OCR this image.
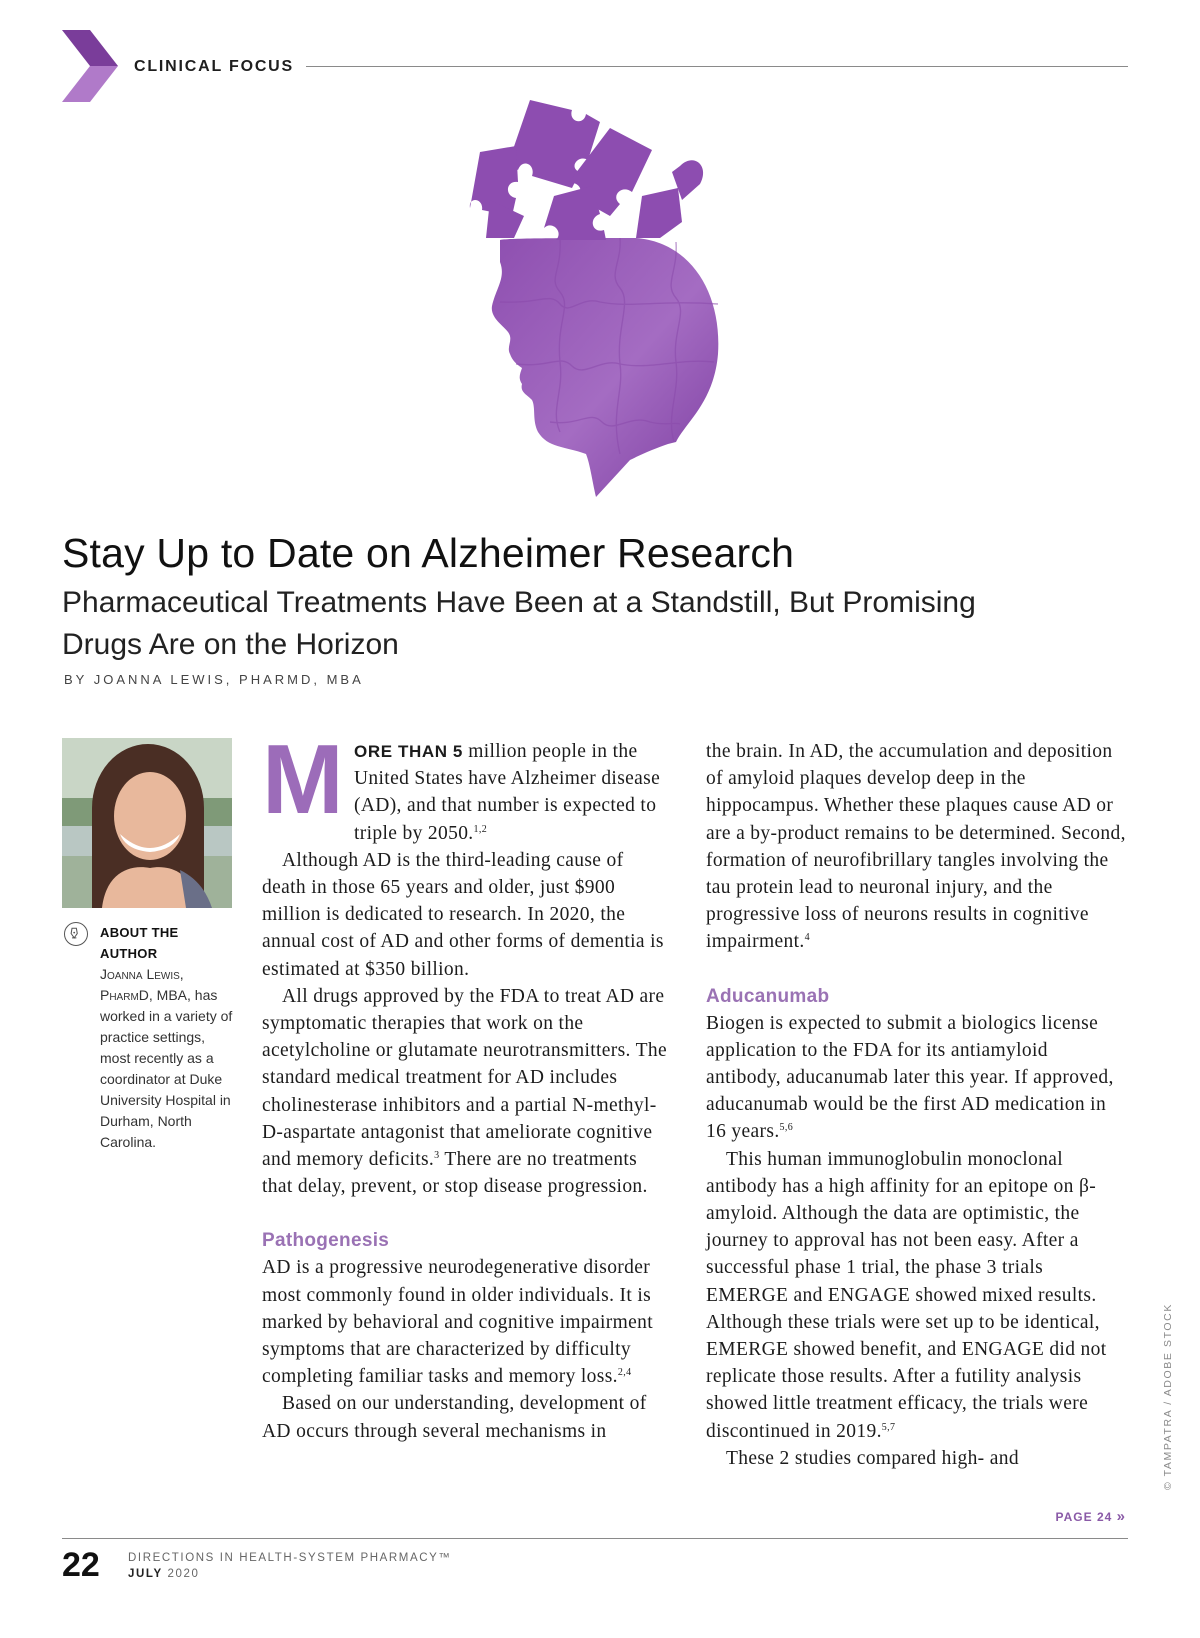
CLINICAL FOCUS
Stay Up to Date on Alzheimer Research
Pharmaceutical Treatments Have Been at a Standstill, But Promising Drugs Are on the Horizon
BY JOANNA LEWIS, PHARMD, MBA
ABOUT THE AUTHOR
Joanna Lewis, PharmD, MBA, has worked in a variety of practice settings, most recently as a coordinator at Duke University Hospital in Durham, North Carolina.

MORE THAN 5 million people in the United States have Alzheimer disease (AD), and that number is expected to triple by 2050.$^{1,2}$

Although AD is the third-leading cause of death in those 65 years and older, just $900 million is dedicated to research. In 2020, the annual cost of AD and other forms of dementia is estimated at $350 billion.

All drugs approved by the FDA to treat AD are symptomatic therapies that work on the acetylcholine or glutamate neurotransmitters. The standard medical treatment for AD includes cholinesterase inhibitors and a partial N-methyl-D-aspartate antagonist that ameliorate cognitive and memory deficits.$^3$ There are no treatments that delay, prevent, or stop disease progression.

Pathogenesis

AD is a progressive neurodegenerative disorder most commonly found in older individuals. It is marked by behavioral and cognitive impairment symptoms that are characterized by difficulty completing familiar tasks and memory loss.$^{2,4}$

Based on our understanding, development of AD occurs through several mechanisms in

the brain. In AD, the accumulation and deposition of amyloid plaques develop deep in the hippocampus. Whether these plaques cause AD or are a by-product remains to be determined. Second, formation of neurofibrillary tangles involving the tau protein lead to neuronal injury, and the progressive loss of neurons results in cognitive impairment.$^4$

Aducanumab

Biogen is expected to submit a biologics license application to the FDA for its antiamyloid antibody, aducanumab later this year. If approved, aducanumab would be the first AD medication in 16 years.$^{5,6}$

This human immunoglobulin monoclonal antibody has a high affinity for an epitope on β-amyloid. Although the data are optimistic, the journey to approval has not been easy. After a successful phase 1 trial, the phase 3 trials EMERGE and ENGAGE showed mixed results. Although these trials were set up to be identical, EMERGE showed benefit, and ENGAGE did not replicate those results. After a futility analysis showed little treatment efficacy, the trials were discontinued in 2019.$^{5,7}$

These 2 studies compared high- and	© TAMPATRA / ADOBE STOCK
PAGE 24 »
22 DIRECTIONS IN HEALTH-SYSTEM PHARMACY™
JULY 2020
